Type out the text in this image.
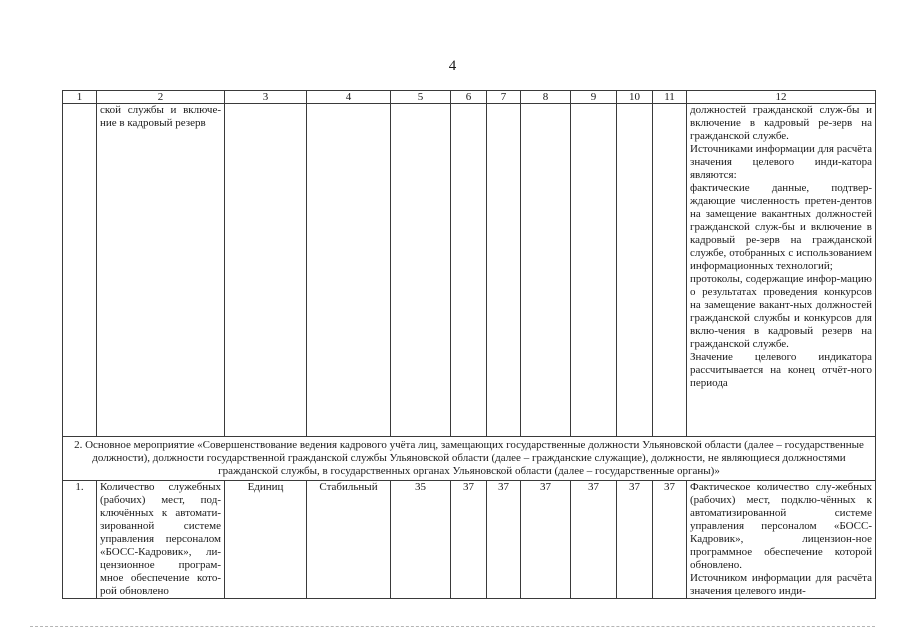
4
1	2	3	4	5	6	7	8	9	10	11	12
	ской службы и включе-ние в кадровый резерв										должностей гражданской служ-бы и включение в кадровый ре-зерв на гражданской службе.

Источниками информации для расчёта значения целевого инди-катора являются:

фактические данные, подтвер-ждающие численность претен-дентов на замещение вакантных должностей гражданской служ-бы и включение в кадровый ре-зерв на гражданской службе, отобранных с использованием информационных технологий;

протоколы, содержащие инфор-мацию о результатах проведения конкурсов на замещение вакант-ных должностей гражданской службы и конкурсов для вклю-чения в кадровый резерв на гражданской службе.

Значение целевого индикатора рассчитывается на конец отчёт-ного периода

2. Основное мероприятие «Совершенствование ведения кадрового учёта лиц, замещающих государственные должности Ульяновской области (далее – государственные должности), должности государственной гражданской службы Ульяновской области (далее – гражданские служащие), должности, не являющиеся должностями гражданской службы, в государственных органах Ульяновской области (далее – государственные органы)»											
1.	Количество служебных (рабочих) мест, под-ключённых к автомати-зированной системе управления персоналом «БОСС-Кадровик», ли-цензионное програм-мное обеспечение кото-рой обновлено	Единиц	Стабильный	35	37	37	37	37	37	37	Фактическое количество слу-жебных (рабочих) мест, подклю-чённых к автоматизированной системе управления персоналом «БОСС-Кадровик», лицензион-ное программное обеспечение которой обновлено.

Источником информации для расчёта значения целевого инди-
